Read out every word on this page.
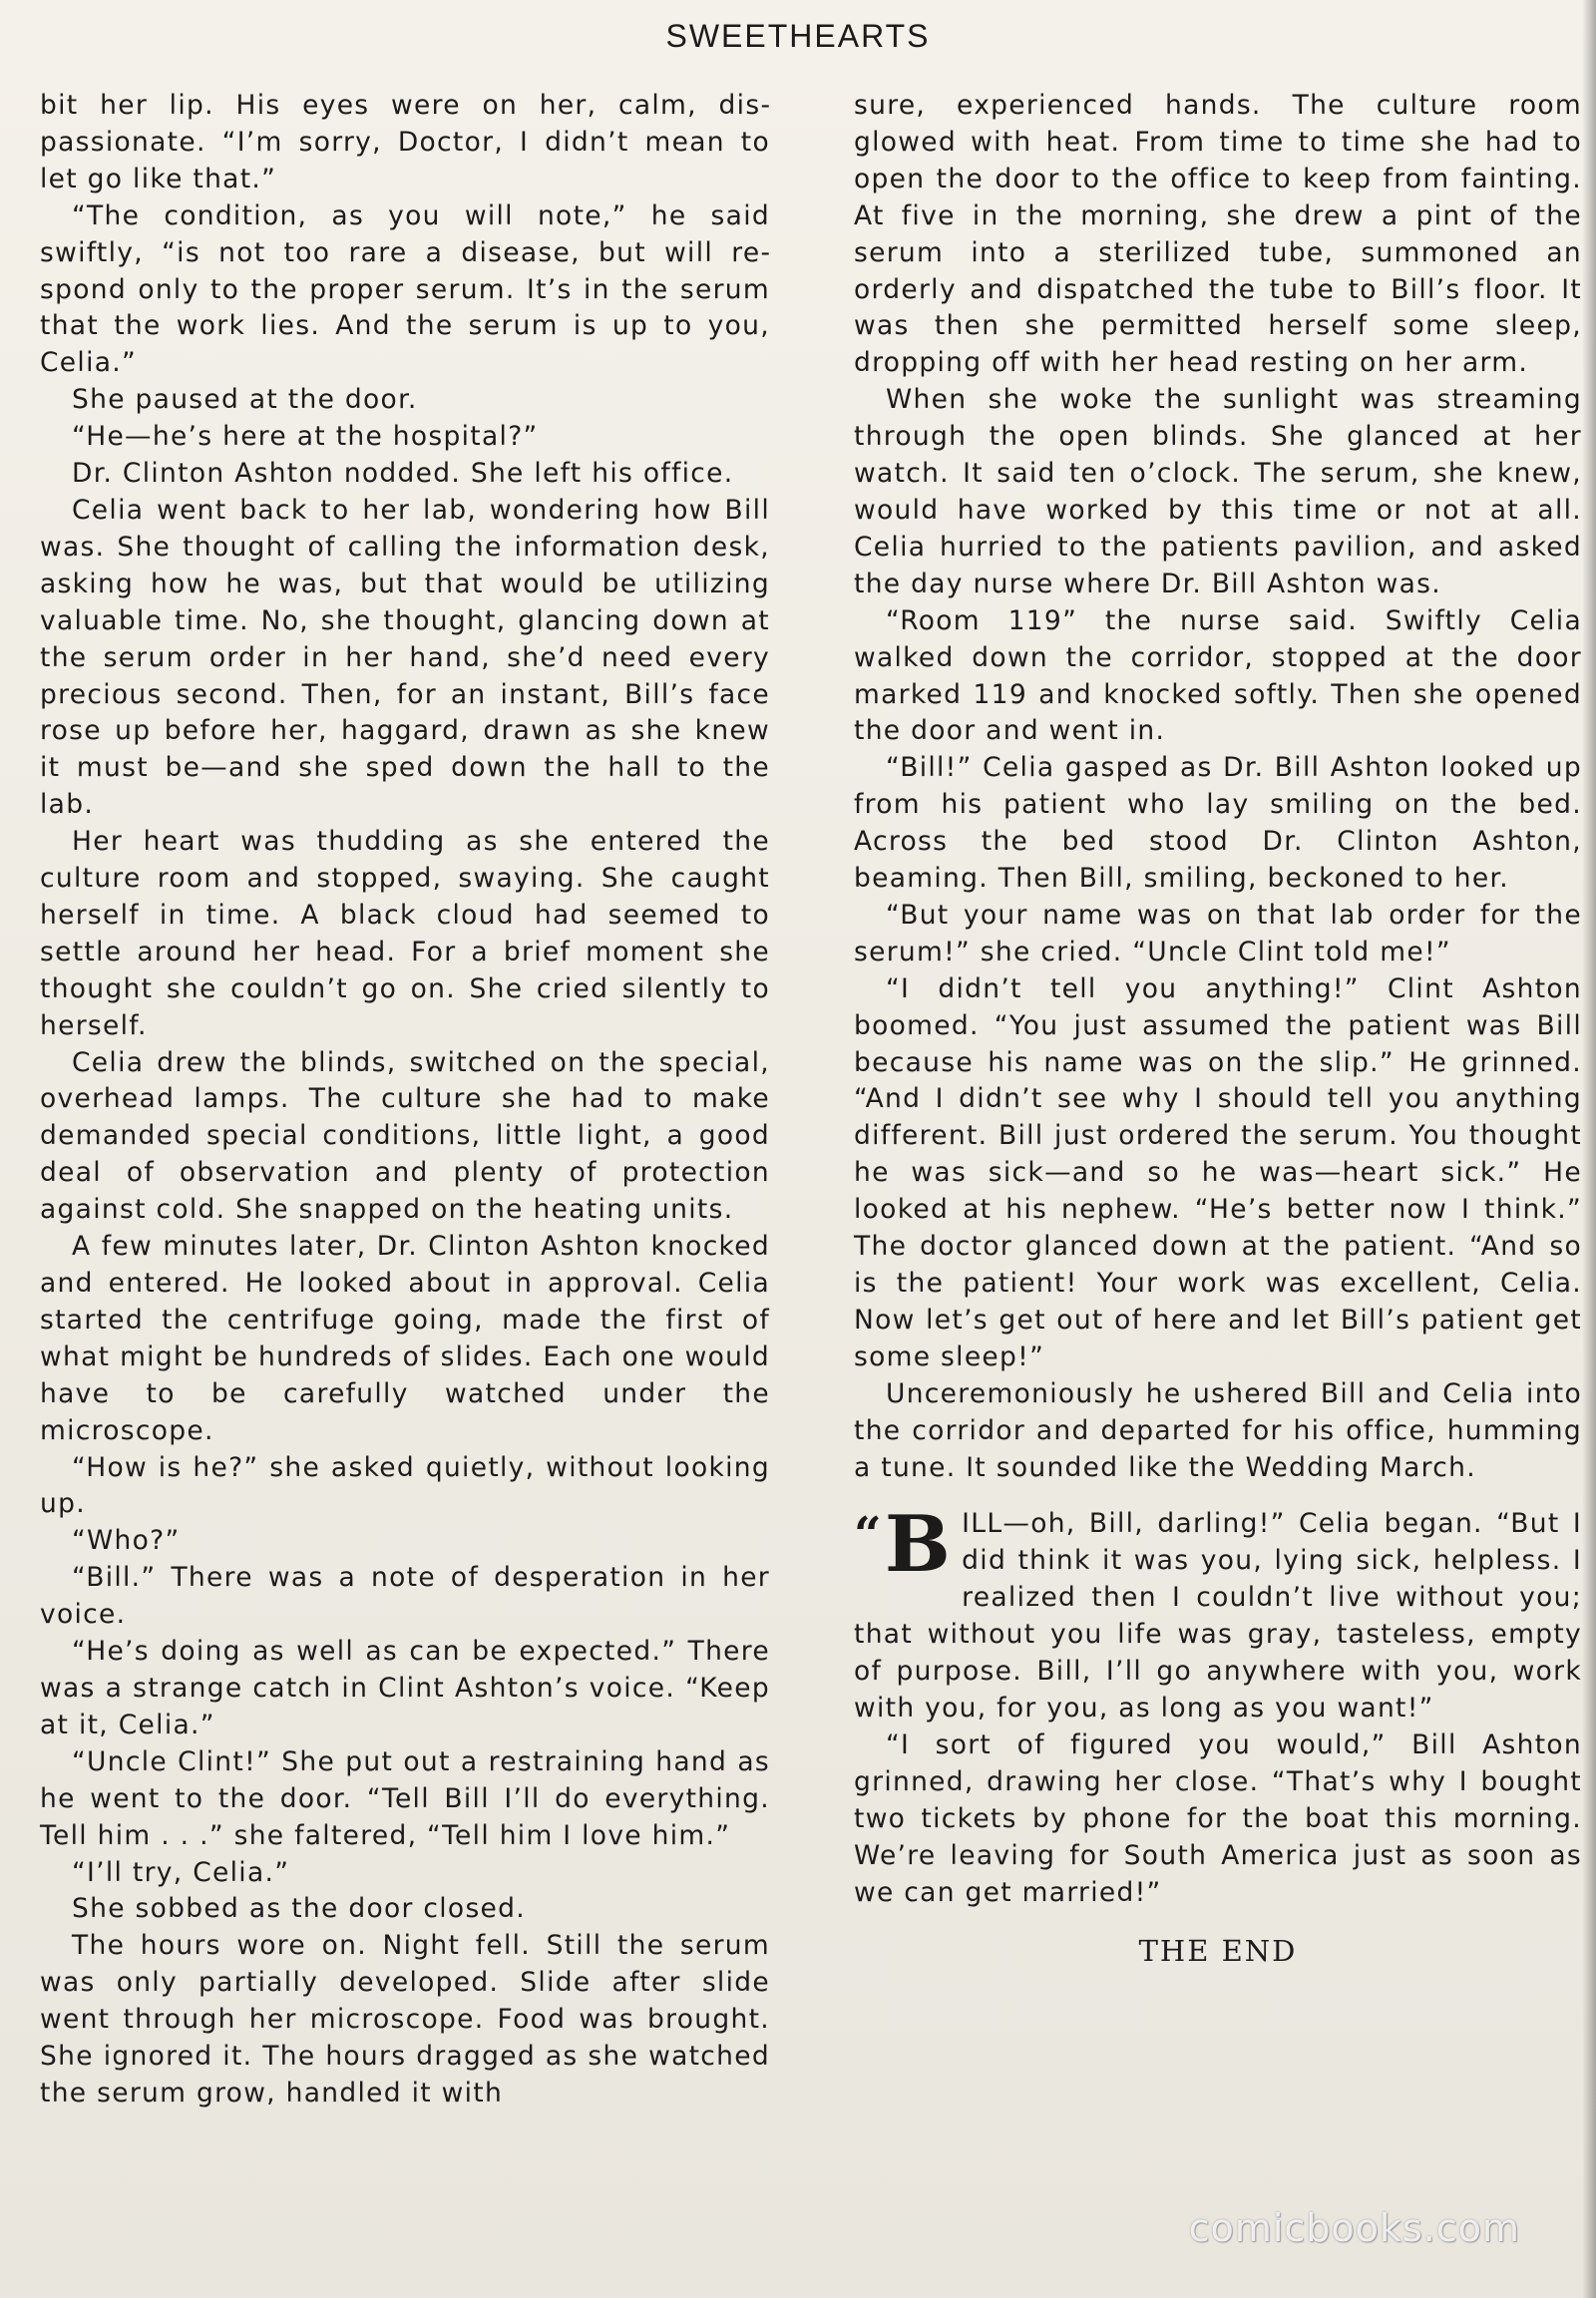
SWEETHEARTS

bit her lip. His eyes were on her, calm, dispassionate. “I’m sorry, Doctor, I didn’t mean to let go like that.”

“The condition, as you will note,” he said swiftly, “is not too rare a disease, but will respond only to the proper serum. It’s in the serum that the work lies. And the serum is up to you, Celia.”

She paused at the door.

“He—he’s here at the hospital?”

Dr. Clinton Ashton nodded. She left his office.

Celia went back to her lab, wondering how Bill was. She thought of calling the information desk, asking how he was, but that would be utilizing valuable time. No, she thought, glancing down at the serum order in her hand, she’d need every precious second. Then, for an instant, Bill’s face rose up before her, haggard, drawn as she knew it must be—and she sped down the hall to the lab.

Her heart was thudding as she entered the culture room and stopped, swaying. She caught herself in time. A black cloud had seemed to settle around her head. For a brief moment she thought she couldn’t go on. She cried silently to herself.

Celia drew the blinds, switched on the special, overhead lamps. The culture she had to make demanded special conditions, little light, a good deal of observation and plenty of protection against cold. She snapped on the heating units.

A few minutes later, Dr. Clinton Ashton knocked and entered. He looked about in approval. Celia started the centrifuge going, made the first of what might be hundreds of slides. Each one would have to be carefully watched under the microscope.

“How is he?” she asked quietly, without looking up.

“Who?”

“Bill.” There was a note of desperation in her voice.

“He’s doing as well as can be expected.” There was a strange catch in Clint Ashton’s voice. “Keep at it, Celia.”

“Uncle Clint!” She put out a restraining hand as he went to the door. “Tell Bill I’ll do everything. Tell him . . .” she faltered, “Tell him I love him.”

“I’ll try, Celia.”

She sobbed as the door closed.

The hours wore on. Night fell. Still the serum was only partially developed. Slide after slide went through her microscope. Food was brought. She ignored it. The hours dragged as she watched the serum grow, handled it with

sure, experienced hands. The culture room glowed with heat. From time to time she had to open the door to the office to keep from fainting. At five in the morning, she drew a pint of the serum into a sterilized tube, summoned an orderly and dispatched the tube to Bill’s floor. It was then she permitted herself some sleep, dropping off with her head resting on her arm.

When she woke the sunlight was streaming through the open blinds. She glanced at her watch. It said ten o’clock. The serum, she knew, would have worked by this time or not at all. Celia hurried to the patients pavilion, and asked the day nurse where Dr. Bill Ashton was.

“Room 119” the nurse said. Swiftly Celia walked down the corridor, stopped at the door marked 119 and knocked softly. Then she opened the door and went in.

“Bill!” Celia gasped as Dr. Bill Ashton looked up from his patient who lay smiling on the bed. Across the bed stood Dr. Clinton Ashton, beaming. Then Bill, smiling, beckoned to her.

“But your name was on that lab order for the serum!” she cried. “Uncle Clint told me!”

“I didn’t tell you anything!” Clint Ashton boomed. “You just assumed the patient was Bill because his name was on the slip.” He grinned. “And I didn’t see why I should tell you anything different. Bill just ordered the serum. You thought he was sick—and so he was—heart sick.” He looked at his nephew. “He’s better now I think.” The doctor glanced down at the patient. “And so is the patient! Your work was excellent, Celia. Now let’s get out of here and let Bill’s patient get some sleep!”

Unceremoniously he ushered Bill and Celia into the corridor and departed for his office, humming a tune. It sounded like the Wedding March.

“B ILL—oh, Bill, darling!” Celia began. “But I did think it was you, lying sick, helpless. I realized then I couldn’t live without you; that without you life was gray, tasteless, empty of purpose. Bill, I’ll go anywhere with you, work with you, for you, as long as you want!”

“I sort of figured you would,” Bill Ashton grinned, drawing her close. “That’s why I bought two tickets by phone for the boat this morning. We’re leaving for South America just as soon as we can get married!”

THE END
comicbooks.com
